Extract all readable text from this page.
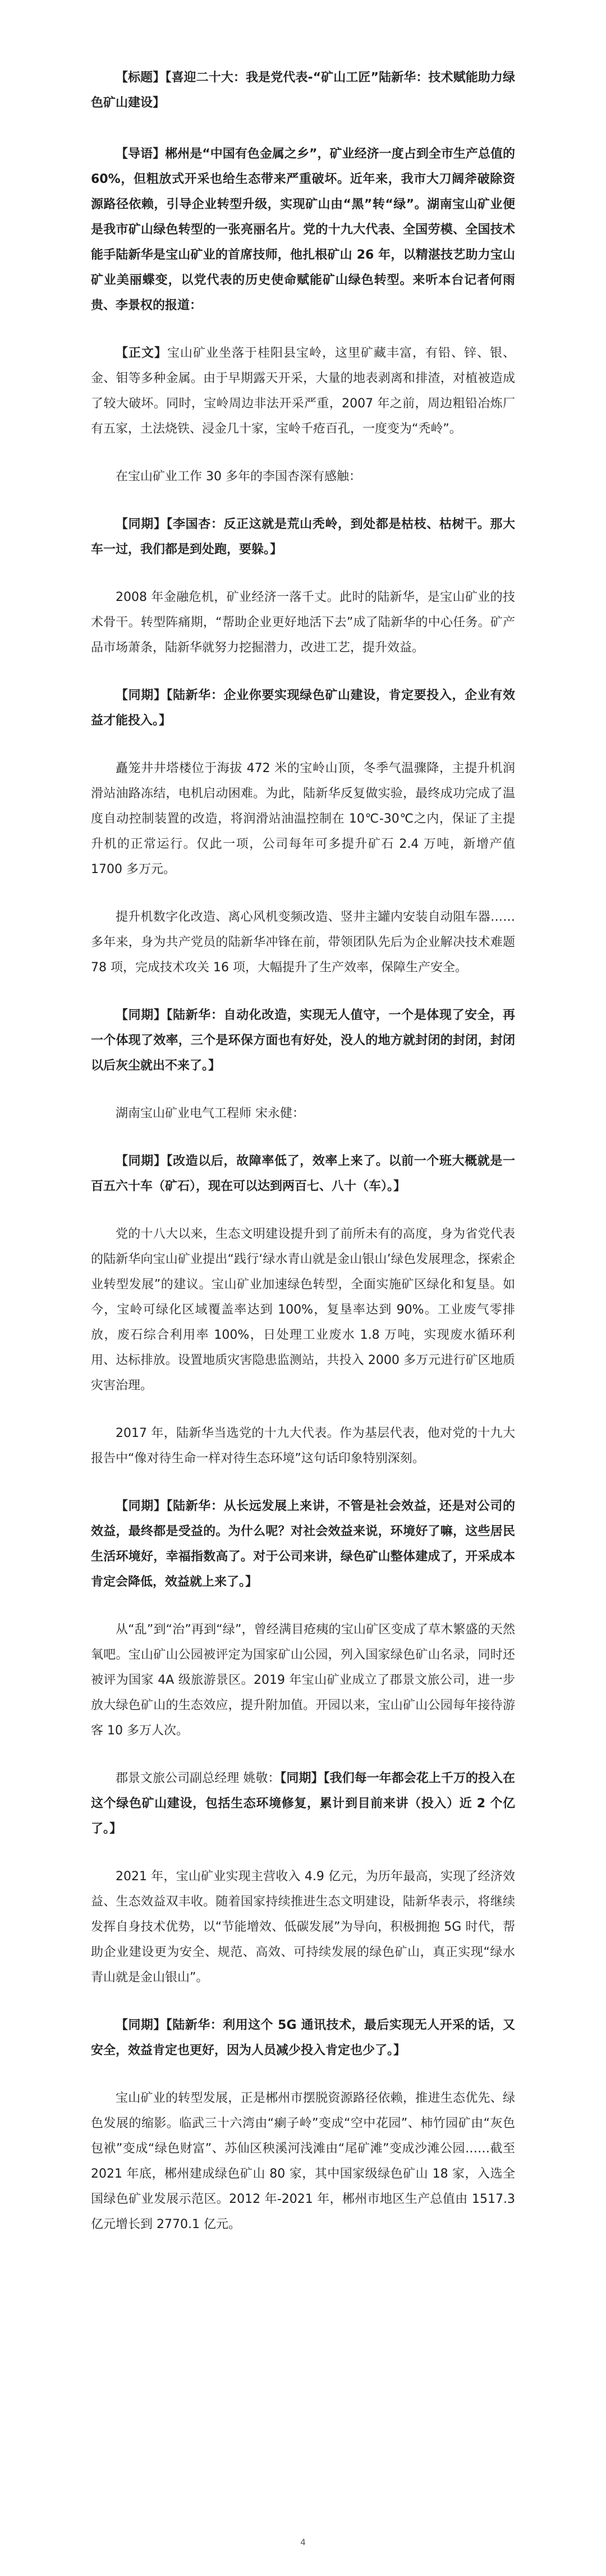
【标题】【喜迎二十大：我是党代表-“矿山工匠”陆新华：技术赋能助力绿色矿山建设】

【导语】郴州是“中国有色金属之乡”，矿业经济一度占到全市生产总值的 60%，但粗放式开采也给生态带来严重破坏。近年来，我市大刀阔斧破除资源路径依赖，引导企业转型升级，实现矿山由“黑”转“绿”。湖南宝山矿业便是我市矿山绿色转型的一张亮丽名片。党的十九大代表、全国劳模、全国技术能手陆新华是宝山矿业的首席技师，他扎根矿山 26 年，以精湛技艺助力宝山矿业美丽蝶变，以党代表的历史使命赋能矿山绿色转型。来听本台记者何雨贵、李景权的报道：

【正文】宝山矿业坐落于桂阳县宝岭，这里矿藏丰富，有铅、锌、银、金、钼等多种金属。由于早期露天开采，大量的地表剥离和排渣，对植被造成了较大破坏。同时，宝岭周边非法开采严重，2007 年之前，周边粗铅冶炼厂有五家，土法烧铁、浸金几十家，宝岭千疮百孔，一度变为“秃岭”。

在宝山矿业工作 30 多年的李国杏深有感触：

【同期】【李国杏：反正这就是荒山秃岭，到处都是枯枝、枯树干。那大车一过，我们都是到处跑，要躲。】

2008 年金融危机，矿业经济一落千丈。此时的陆新华，是宝山矿业的技术骨干。转型阵痛期，“帮助企业更好地活下去”成了陆新华的中心任务。矿产品市场萧条，陆新华就努力挖掘潜力，改进工艺，提升效益。

【同期】【陆新华：企业你要实现绿色矿山建设，肯定要投入，企业有效益才能投入。】

矗笼井井塔楼位于海拔 472 米的宝岭山顶，冬季气温骤降，主提升机润滑站油路冻结，电机启动困难。为此，陆新华反复做实验，最终成功完成了温度自动控制装置的改造，将润滑站油温控制在 10℃-30℃之内，保证了主提升机的正常运行。仅此一项，公司每年可多提升矿石 2.4 万吨，新增产值 1700 多万元。

提升机数字化改造、离心风机变频改造、竖井主罐内安装自动阻车器……多年来，身为共产党员的陆新华冲锋在前，带领团队先后为企业解决技术难题 78 项，完成技术攻关 16 项，大幅提升了生产效率，保障生产安全。

【同期】【陆新华：自动化改造，实现无人值守，一个是体现了安全，再一个体现了效率，三个是环保方面也有好处，没人的地方就封闭的封闭，封闭以后灰尘就出不来了。】

湖南宝山矿业电气工程师 宋永健：

【同期】【改造以后，故障率低了，效率上来了。以前一个班大概就是一百五六十车（矿石），现在可以达到两百七、八十（车）。】

党的十八大以来，生态文明建设提升到了前所未有的高度，身为省党代表的陆新华向宝山矿业提出“践行‘绿水青山就是金山银山’绿色发展理念，探索企业转型发展”的建议。宝山矿业加速绿色转型，全面实施矿区绿化和复垦。如今，宝岭可绿化区域覆盖率达到 100%，复垦率达到 90%。工业废气零排放，废石综合利用率 100%，日处理工业废水 1.8 万吨，实现废水循环利用、达标排放。设置地质灾害隐患监测站，共投入 2000 多万元进行矿区地质灾害治理。

2017 年，陆新华当选党的十九大代表。作为基层代表，他对党的十九大报告中“像对待生命一样对待生态环境”这句话印象特别深刻。

【同期】【陆新华：从长远发展上来讲，不管是社会效益，还是对公司的效益，最终都是受益的。为什么呢？对社会效益来说，环境好了嘛，这些居民生活环境好，幸福指数高了。对于公司来讲，绿色矿山整体建成了，开采成本肯定会降低，效益就上来了。】

从“乱”到“治”再到“绿”，曾经满目疮痍的宝山矿区变成了草木繁盛的天然氧吧。宝山矿山公园被评定为国家矿山公园，列入国家绿色矿山名录，同时还被评为国家 4A 级旅游景区。2019 年宝山矿业成立了郡景文旅公司，进一步放大绿色矿山的生态效应，提升附加值。开园以来，宝山矿山公园每年接待游客 10 多万人次。

郡景文旅公司副总经理 姚敬：【同期】【我们每一年都会花上千万的投入在这个绿色矿山建设，包括生态环境修复，累计到目前来讲（投入）近 2 个亿了。】

2021 年，宝山矿业实现主营收入 4.9 亿元，为历年最高，实现了经济效益、生态效益双丰收。随着国家持续推进生态文明建设，陆新华表示，将继续发挥自身技术优势，以“节能增效、低碳发展”为导向，积极拥抱 5G 时代，帮助企业建设更为安全、规范、高效、可持续发展的绿色矿山，真正实现“绿水青山就是金山银山”。

【同期】【陆新华：利用这个 5G 通讯技术，最后实现无人开采的话，又安全，效益肯定也更好，因为人员减少投入肯定也少了。】

宝山矿业的转型发展，正是郴州市摆脱资源路径依赖，推进生态优先、绿色发展的缩影。临武三十六湾由“瘌子岭”变成“空中花园”、柿竹园矿由“灰色包袱”变成“绿色财富”、苏仙区秧溪河浅滩由“尾矿滩”变成沙滩公园……截至 2021 年底，郴州建成绿色矿山 80 家，其中国家级绿色矿山 18 家，入选全国绿色矿业发展示范区。2012 年-2021 年，郴州市地区生产总值由 1517.3 亿元增长到 2770.1 亿元。

4
